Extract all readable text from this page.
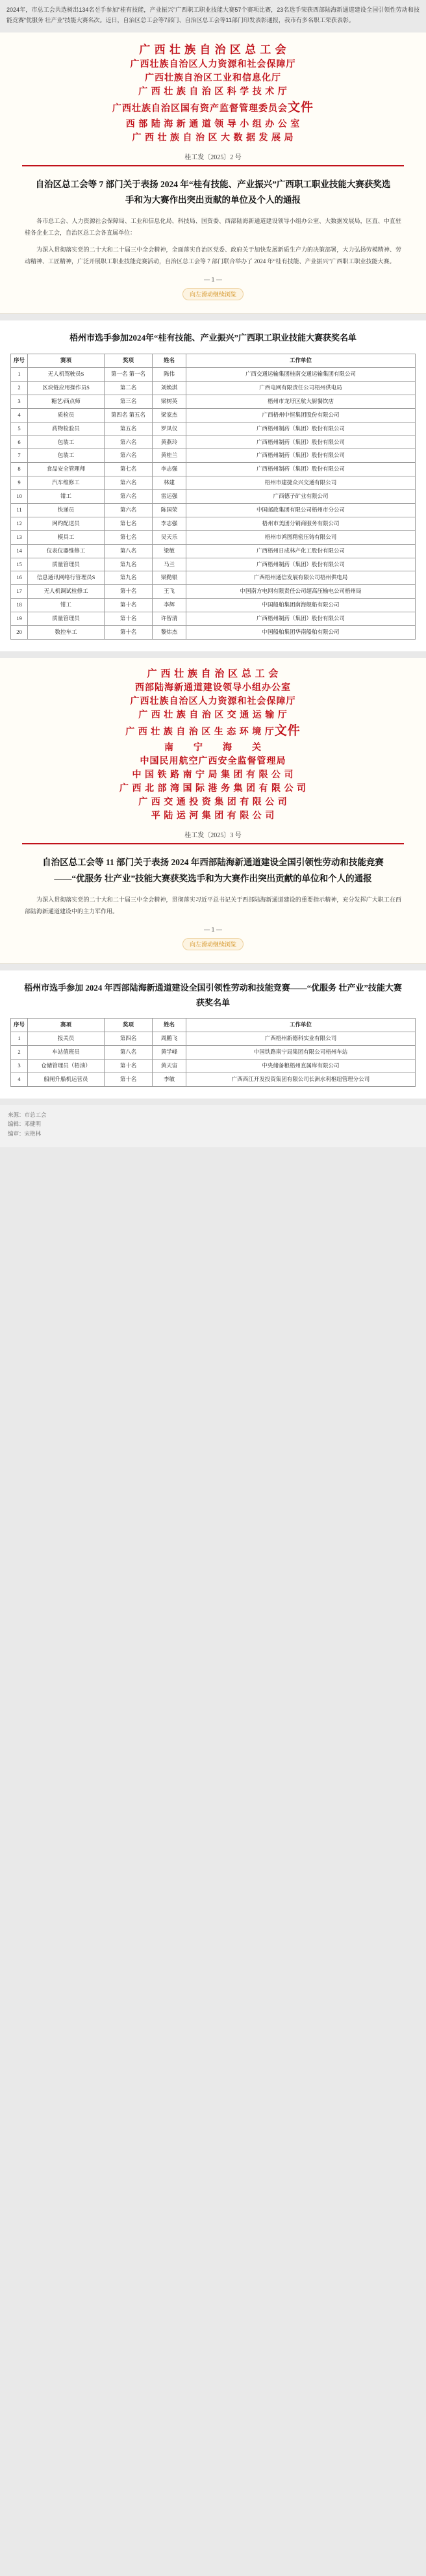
2024年，市总工会共选树出134名선手参加“桂有技能，产业振兴”广西职工职业技能大赛57个赛项比赛，23名选手荣获西部陆海新通道建设全国引领性劳动和技能竞赛“优服务 壮产业”技能大赛名次。近日，自治区总工会等7部门、自治区总工会等11部门印发表彰通报，我市有多名职工荣获表彰。
广 西 壮 族 自 治 区 总 工 会
广西壮族自治区人力资源和社会保障厅
广西壮族自治区工业和信息化厅
广 西 壮 族 自 治 区 科 学 技 术 厅
广西壮族自治区国有资产监督管理委员会文件
西 部 陆 海 新 通 道 领 导 小 组 办 公 室
广 西 壮 族 自 治 区 大 数 据 发 展 局
桂工发〔2025〕2 号
自治区总工会等 7 部门关于表扬 2024 年“桂有技能、产业振兴”广西职工职业技能大赛获奖选手和为大赛作出突出贡献的单位及个人的通报

各市总工会、人力资源社会保障局、工业和信息化局、科技局、国资委、西部陆海新通道建设领导小组办公室、大数据发展局，区直、中直驻桂各企业工会，自治区总工会各直属单位：

为深入贯彻落实党的二十大和二十届三中全会精神，全面落实自治区党委、政府关于加快发展新质生产力的决策部署，大力弘扬劳模精神、劳动精神、工匠精神，广泛开展职工职业技能竞赛活动，自治区总工会等 7 部门联合举办了 2024 年“桂有技能、产业振兴”广西职工职业技能大赛。

— 1 —
向左滑动继续浏览
梧州市选手参加2024年“桂有技能、产业振兴”广西职工职业技能大赛获奖名单
序号	赛项	奖项	姓名	工作单位
1	无人机驾驶员S	第一名 第一名	陈伟	广西交通运输集团桂南交通运输集团有限公司
2	区块链应用操作员S	第二名	刘焕淇	广西电网有限责任公司梧州供电局
3	糖艺/西点师	第三名	梁树英	梧州市龙圩区航大厨餐饮店
4	质检员	第四名 第五名	梁家杰	广西梧州中恒集团股份有限公司
5	药物检验员	第五名	罗凤仪	广西梧州制药（集团）股份有限公司
6	包装工	第六名	黄燕玲	广西梧州制药（集团）股份有限公司
7	包装工	第六名	黄桂兰	广西梧州制药（集团）股份有限公司
8	食品安全管理师	第七名	李志强	广西梧州制药（集团）股份有限公司
9	汽车维修工	第六名	林建	梧州市建捷众兴交通有限公司
10	钳工	第六名	雷运强	广西德子矿业有限公司
11	快递员	第六名	陈国荣	中国邮政集团有限公司梧州市分公司
12	网约配送员	第七名	李志强	梧州市美团分销商服务有限公司
13	模具工	第七名	吴天乐	梧州市鸿图精密压铸有限公司
14	仪表仪器维修工	第八名	梁敏	广西梧州日成林产化工股份有限公司
15	质量管理员	第九名	马兰	广西梧州制药（集团）股份有限公司
16	信息通讯网络行管理员S	第九名	梁勤银	广西梧州通信发展有限公司梧州供电局
17	无人机调试检修工	第十名	王飞	中国南方电网有限责任公司超高压输电公司梧州局
18	钳工	第十名	李辉	中国船舶集团南海舰船有限公司
19	质量管理员	第十名	许智清	广西梧州制药（集团）股份有限公司
20	数控车工	第十名	黎炜杰	中国船舶集团华南船舶有限公司
广 西 壮 族 自 治 区 总 工 会
西部陆海新通道建设领导小组办公室
广西壮族自治区人力资源和社会保障厅
广 西 壮 族 自 治 区 交 通 运 输 厅
广 西 壮 族 自 治 区 生 态 环 境 厅文件
南　　宁　　海　　关
中国民用航空广西安全监督管理局
中 国 铁 路 南 宁 局 集 团 有 限 公 司
广 西 北 部 湾 国 际 港 务 集 团 有 限 公 司
广 西 交 通 投 资 集 团 有 限 公 司
平 陆 运 河 集 团 有 限 公 司
桂工发〔2025〕3 号
自治区总工会等 11 部门关于表扬 2024 年西部陆海新通道建设全国引领性劳动和技能竞赛——“优服务 壮产业”技能大赛获奖选手和为大赛作出突出贡献的单位和个人的通报

为深入贯彻落实党的二十大和二十届三中全会精神，贯彻落实习近平总书记关于西部陆海新通道建设的重要指示精神，充分发挥广大职工在西部陆海新通道建设中的主力军作用。

— 1 —
向左滑动继续浏览
梧州市选手参加 2024 年西部陆海新通道建设全国引领性劳动和技能竞赛——“优服务 壮产业”技能大赛获奖名单
序号	赛项	奖项	姓名	工作单位
1	报关员	第四名	周鹏飞	广西梧州新德科实业有限公司
2	车站值班员	第八名	黄学峰	中国铁路南宁局集团有限公司梧州车站
3	仓储管理员（梧油）	第十名	黄天宙	中央储备粮梧州直属库有限公司
4	船闸升船机运营员	第十名	李敏	广西西江开发投资集团有限公司长洲水利枢纽管理分公司
来源：市总工会
编辑：邓健明
编审：宋艳林
